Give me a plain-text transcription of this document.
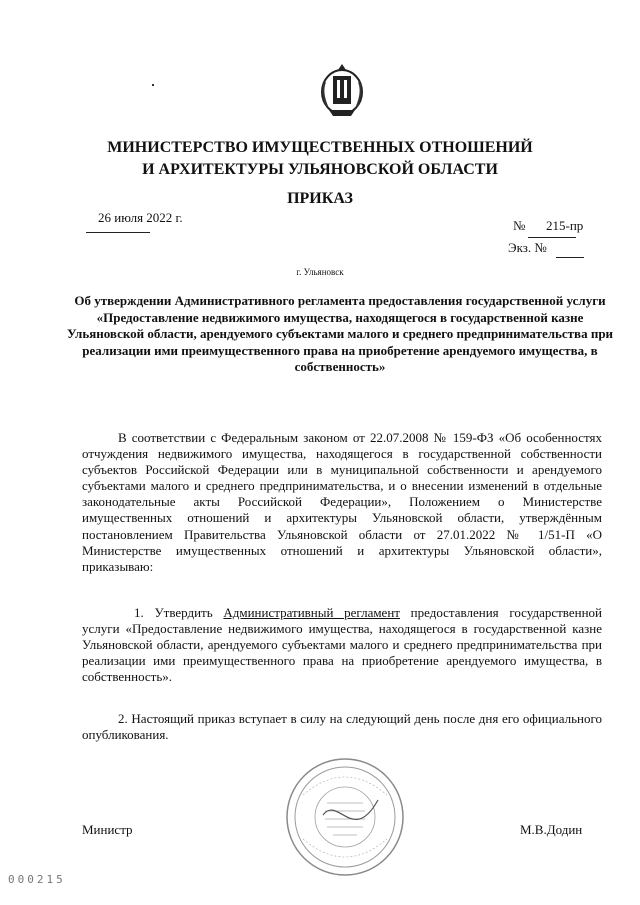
МИНИСТЕРСТВО ИМУЩЕСТВЕННЫХ ОТНОШЕНИЙ
И АРХИТЕКТУРЫ УЛЬЯНОВСКОЙ ОБЛАСТИ
ПРИКАЗ
26 июля 2022 г.
№ 215-пр
Экз. №
г. Ульяновск
Об утверждении Административного регламента предоставления государственной услуги «Предоставление недвижимого имущества, находящегося в государственной казне Ульяновской области, арендуемого субъектами малого и среднего предпринимательства при реализации ими преимущественного права на приобретение арендуемого имущества, в собственность»
В соответствии с Федеральным законом от 22.07.2008 № 159-ФЗ «Об особенностях отчуждения недвижимого имущества, находящегося в государственной собственности субъектов Российской Федерации или в муниципальной собственности и арендуемого субъектами малого и среднего предпринимательства, и о внесении изменений в отдельные законодательные акты Российской Федерации», Положением о Министерстве имущественных отношений и архитектуры Ульяновской области, утверждённым постановлением Правительства Ульяновской области от 27.01.2022 № 1/51-П «О Министерстве имущественных отношений и архитектуры Ульяновской области», приказываю:
1. Утвердить Административный регламент предоставления государственной услуги «Предоставление недвижимого имущества, находящегося в государственной казне Ульяновской области, арендуемого субъектами малого и среднего предпринимательства при реализации ими преимущественного права на приобретение арендуемого имущества, в собственность».
2. Настоящий приказ вступает в силу на следующий день после дня его официального опубликования.
Министр	М.В.Додин
000215
